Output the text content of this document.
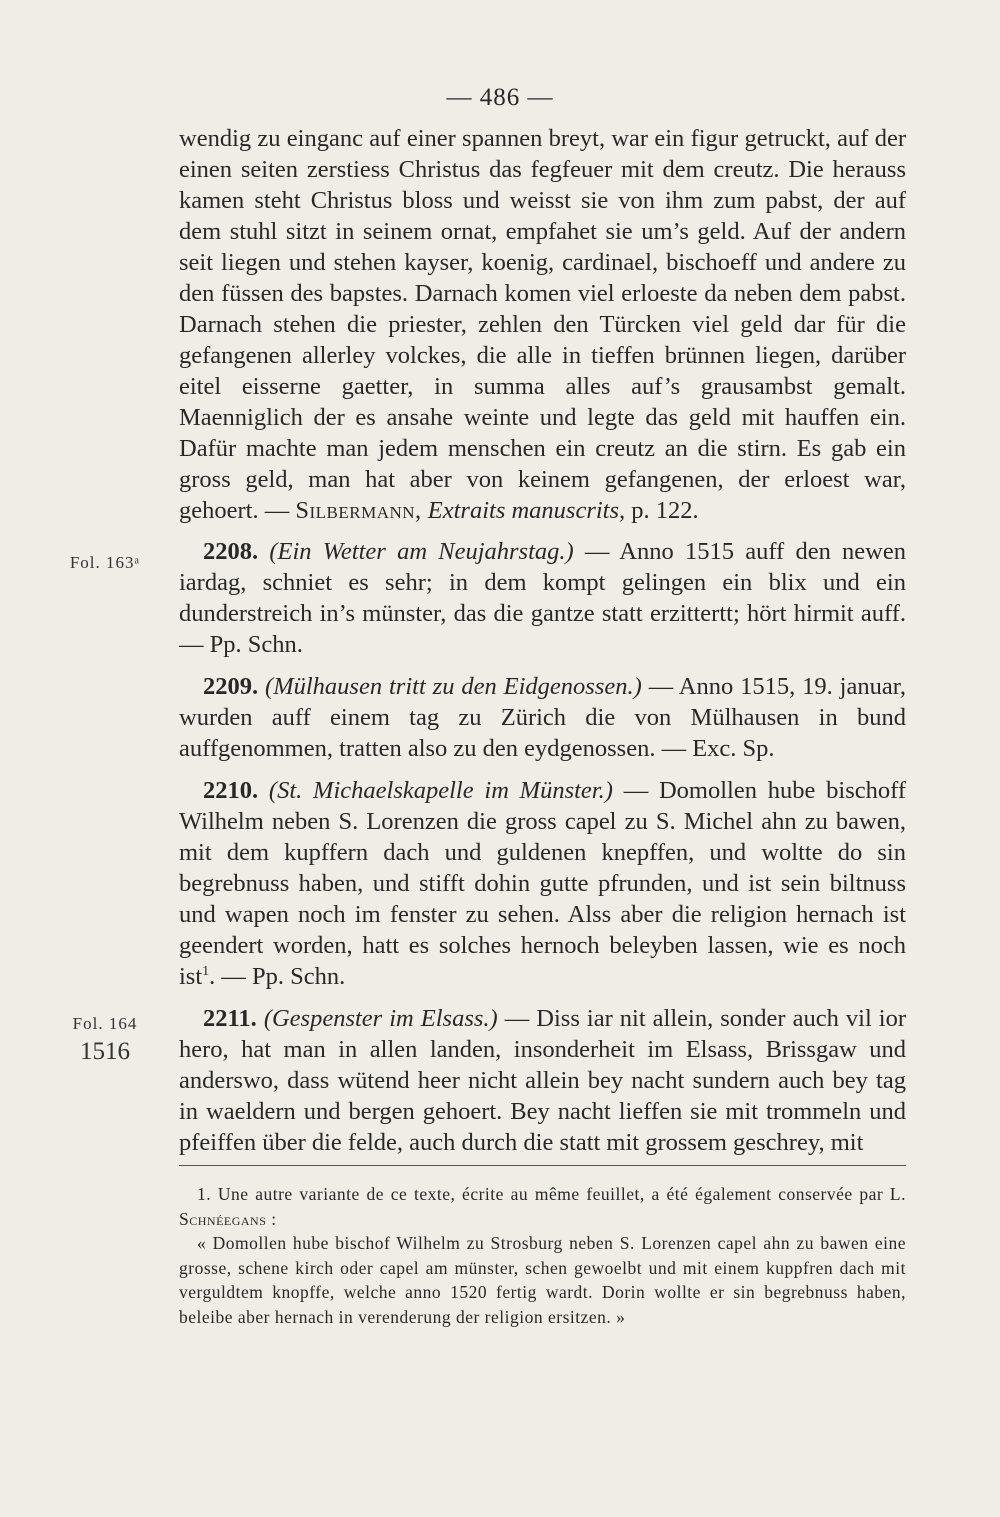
— 486 —
Fol. 163ᵃ
Fol. 164
1516

wendig zu einganc auf einer spannen breyt, war ein figur getruckt, auf der einen seiten zerstiess Christus das fegfeuer mit dem creutz. Die herauss kamen steht Christus bloss und weisst sie von ihm zum pabst, der auf dem stuhl sitzt in seinem ornat, empfahet sie um’s geld. Auf der andern seit liegen und stehen kayser, koenig, cardinael, bischoeff und andere zu den füssen des bapstes. Darnach komen viel erloeste da neben dem pabst. Darnach stehen die priester, zehlen den Türcken viel geld dar für die gefangenen allerley volckes, die alle in tieffen brünnen liegen, darüber eitel eisserne gaetter, in summa alles auf’s grausambst gemalt. Maenniglich der es ansahe weinte und legte das geld mit hauffen ein. Dafür machte man jedem menschen ein creutz an die stirn. Es gab ein gross geld, man hat aber von keinem gefangenen, der erloest war, gehoert. — Silbermann, Extraits manuscrits, p. 122.

2208. (Ein Wetter am Neujahrstag.) — Anno 1515 auff den newen iardag, schniet es sehr; in dem kompt gelingen ein blix und ein dunderstreich in’s münster, das die gantze statt erzittertt; hört hirmit auff. — Pp. Schn.

2209. (Mülhausen tritt zu den Eidgenossen.) — Anno 1515, 19. januar, wurden auff einem tag zu Zürich die von Mülhausen in bund auffgenommen, tratten also zu den eydgenossen. — Exc. Sp.

2210. (St. Michaelskapelle im Münster.) — Domollen hube bischoff Wilhelm neben S. Lorenzen die gross capel zu S. Michel ahn zu bawen, mit dem kupffern dach und guldenen knepffen, und woltte do sin begrebnuss haben, und stifft dohin gutte pfrunden, und ist sein biltnuss und wapen noch im fenster zu sehen. Alss aber die religion hernach ist geendert worden, hatt es solches hernoch beleyben lassen, wie es noch ist$^1$. — Pp. Schn.

2211. (Gespenster im Elsass.) — Diss iar nit allein, sonder auch vil ior hero, hat man in allen landen, insonderheit im Elsass, Brissgaw und anderswo, dass wütend heer nicht allein bey nacht sundern auch bey tag in waeldern und bergen gehoert. Bey nacht lieffen sie mit trommeln und pfeiffen über die felde, auch durch die statt mit grossem geschrey, mit

1. Une autre variante de ce texte, écrite au même feuillet, a été également conservée par L. Schnéegans :

« Domollen hube bischof Wilhelm zu Strosburg neben S. Lorenzen capel ahn zu bawen eine grosse, schene kirch oder capel am münster, schen gewoelbt und mit einem kuppfren dach mit verguldtem knopffe, welche anno 1520 fertig wardt. Dorin wollte er sin begrebnuss haben, beleibe aber hernach in verenderung der religion ersitzen. »
